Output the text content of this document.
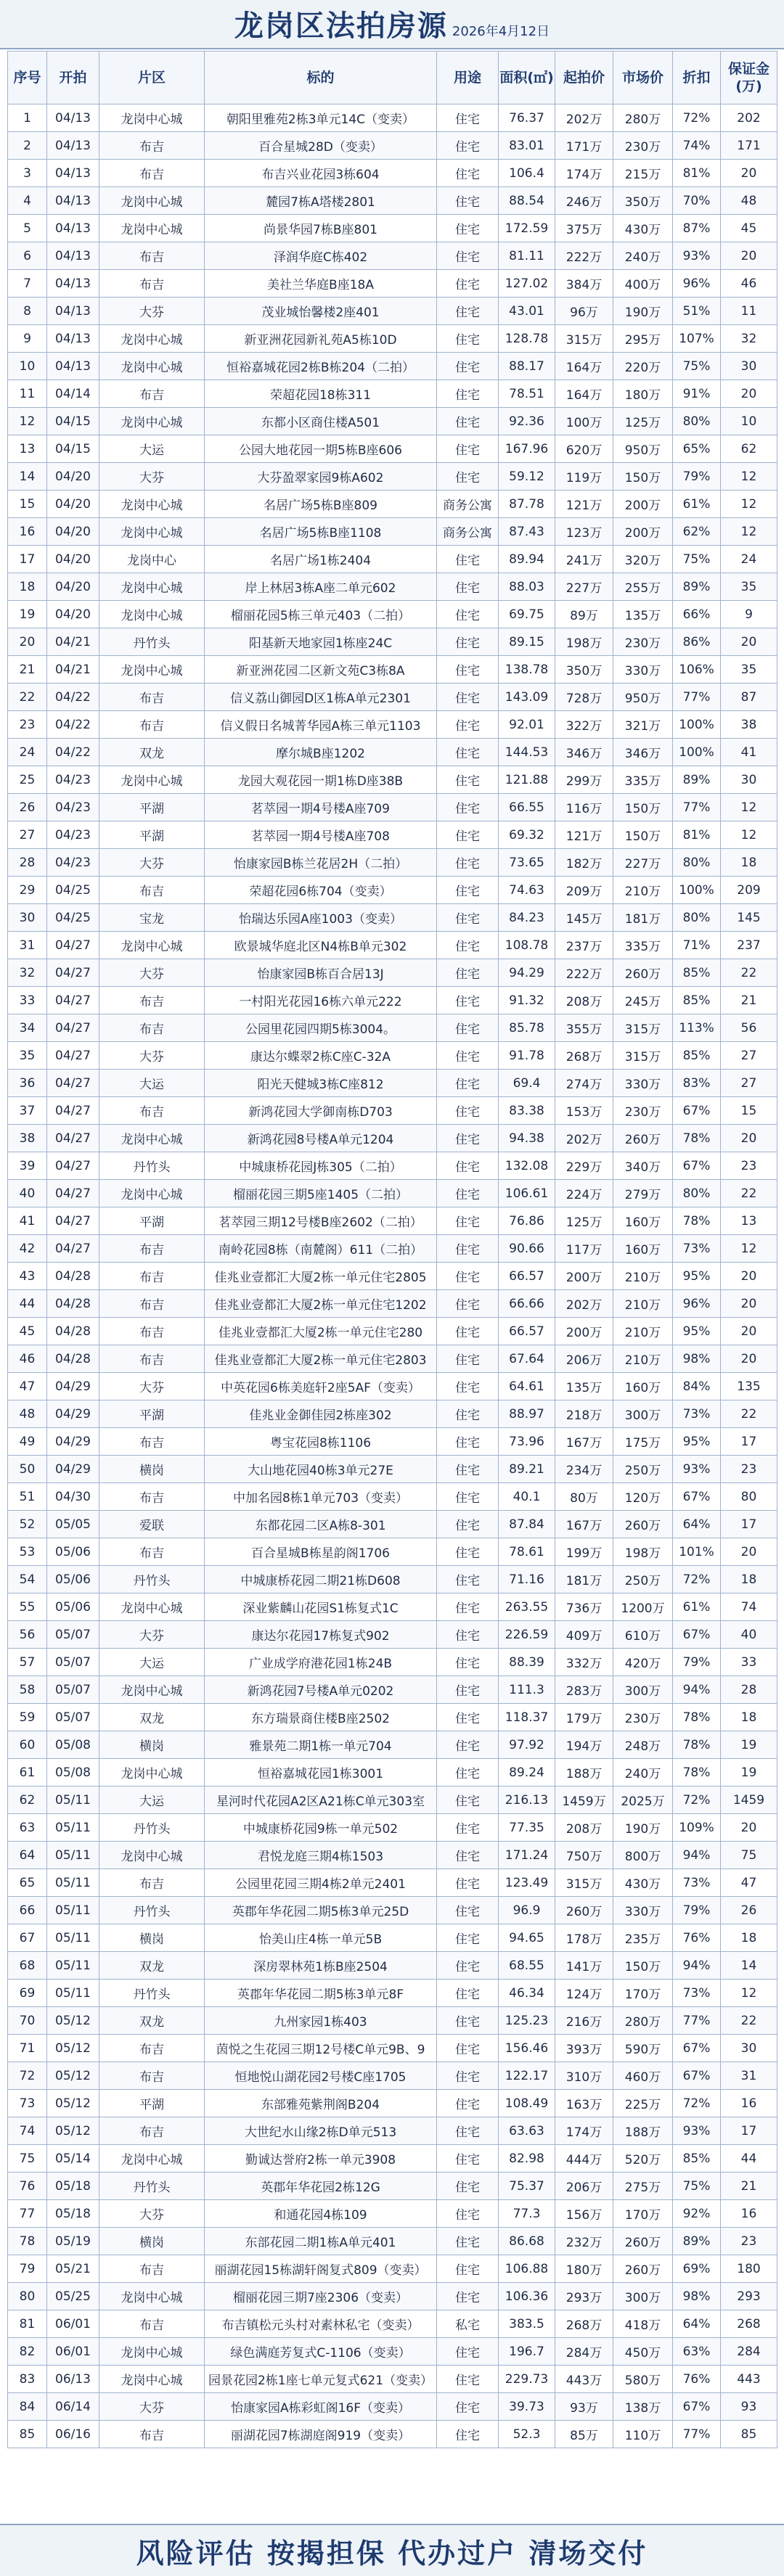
龙岗区法拍房源 2026年4月12日
序号	开拍	片区	标的	用途	面积(㎡)	起拍价	市场价	折扣	保证金(万)
1	04/13	龙岗中心城	朝阳里雅苑2栋3单元14C（变卖）	住宅	76.37	202万	280万	72%	202
2	04/13	布吉	百合星城28D（变卖）	住宅	83.01	171万	230万	74%	171
3	04/13	布吉	布吉兴业花园3栋604	住宅	106.4	174万	215万	81%	20
4	04/13	龙岗中心城	麓园7栋A塔楼2801	住宅	88.54	246万	350万	70%	48
5	04/13	龙岗中心城	尚景华园7栋B座801	住宅	172.59	375万	430万	87%	45
6	04/13	布吉	泽润华庭C栋402	住宅	81.11	222万	240万	93%	20
7	04/13	布吉	美社兰华庭B座18A	住宅	127.02	384万	400万	96%	46
8	04/13	大芬	茂业城怡馨楼2座401	住宅	43.01	96万	190万	51%	11
9	04/13	龙岗中心城	新亚洲花园新礼苑A5栋10D	住宅	128.78	315万	295万	107%	32
10	04/13	龙岗中心城	恒裕嘉城花园2栋B栋204（二拍）	住宅	88.17	164万	220万	75%	30
11	04/14	布吉	荣超花园18栋311	住宅	78.51	164万	180万	91%	20
12	04/15	龙岗中心城	东都小区商住楼A501	住宅	92.36	100万	125万	80%	10
13	04/15	大运	公园大地花园一期5栋B座606	住宅	167.96	620万	950万	65%	62
14	04/20	大芬	大芬盈翠家园9栋A602	住宅	59.12	119万	150万	79%	12
15	04/20	龙岗中心城	名居广场5栋B座809	商务公寓	87.78	121万	200万	61%	12
16	04/20	龙岗中心城	名居广场5栋B座1108	商务公寓	87.43	123万	200万	62%	12
17	04/20	龙岗中心	名居广场1栋2404	住宅	89.94	241万	320万	75%	24
18	04/20	龙岗中心城	岸上林居3栋A座二单元602	住宅	88.03	227万	255万	89%	35
19	04/20	龙岗中心城	榴丽花园5栋三单元403（二拍）	住宅	69.75	89万	135万	66%	9
20	04/21	丹竹头	阳基新天地家园1栋座24C	住宅	89.15	198万	230万	86%	20
21	04/21	龙岗中心城	新亚洲花园二区新文苑C3栋8A	住宅	138.78	350万	330万	106%	35
22	04/22	布吉	信义荔山御园D区1栋A单元2301	住宅	143.09	728万	950万	77%	87
23	04/22	布吉	信义假日名城菁华园A栋三单元1103	住宅	92.01	322万	321万	100%	38
24	04/22	双龙	摩尔城B座1202	住宅	144.53	346万	346万	100%	41
25	04/23	龙岗中心城	龙园大观花园一期1栋D座38B	住宅	121.88	299万	335万	89%	30
26	04/23	平湖	茗萃园一期4号楼A座709	住宅	66.55	116万	150万	77%	12
27	04/23	平湖	茗萃园一期4号楼A座708	住宅	69.32	121万	150万	81%	12
28	04/23	大芬	怡康家园B栋兰花居2H（二拍）	住宅	73.65	182万	227万	80%	18
29	04/25	布吉	荣超花园6栋704（变卖）	住宅	74.63	209万	210万	100%	209
30	04/25	宝龙	怡瑞达乐园A座1003（变卖）	住宅	84.23	145万	181万	80%	145
31	04/27	龙岗中心城	欧景城华庭北区N4栋B单元302	住宅	108.78	237万	335万	71%	237
32	04/27	大芬	怡康家园B栋百合居13J	住宅	94.29	222万	260万	85%	22
33	04/27	布吉	一村阳光花园16栋六单元222	住宅	91.32	208万	245万	85%	21
34	04/27	布吉	公园里花园四期5栋3004。	住宅	85.78	355万	315万	113%	56
35	04/27	大芬	康达尔蝶翠2栋C座C-32A	住宅	91.78	268万	315万	85%	27
36	04/27	大运	阳光天健城3栋C座812	住宅	69.4	274万	330万	83%	27
37	04/27	布吉	新鸿花园大学御南栋D703	住宅	83.38	153万	230万	67%	15
38	04/27	龙岗中心城	新鸿花园8号楼A单元1204	住宅	94.38	202万	260万	78%	20
39	04/27	丹竹头	中城康桥花园J栋305（二拍）	住宅	132.08	229万	340万	67%	23
40	04/27	龙岗中心城	榴丽花园三期5座1405（二拍）	住宅	106.61	224万	279万	80%	22
41	04/27	平湖	茗萃园三期12号楼B座2602（二拍）	住宅	76.86	125万	160万	78%	13
42	04/27	布吉	南岭花园8栋（南麓阁）611（二拍）	住宅	90.66	117万	160万	73%	12
43	04/28	布吉	佳兆业壹都汇大厦2栋一单元住宅2805	住宅	66.57	200万	210万	95%	20
44	04/28	布吉	佳兆业壹都汇大厦2栋一单元住宅1202	住宅	66.66	202万	210万	96%	20
45	04/28	布吉	佳兆业壹都汇大厦2栋一单元住宅280	住宅	66.57	200万	210万	95%	20
46	04/28	布吉	佳兆业壹都汇大厦2栋一单元住宅2803	住宅	67.64	206万	210万	98%	20
47	04/29	大芬	中英花园6栋美庭轩2座5AF（变卖）	住宅	64.61	135万	160万	84%	135
48	04/29	平湖	佳兆业金御佳园2栋座302	住宅	88.97	218万	300万	73%	22
49	04/29	布吉	粤宝花园8栋1106	住宅	73.96	167万	175万	95%	17
50	04/29	横岗	大山地花园40栋3单元27E	住宅	89.21	234万	250万	93%	23
51	04/30	布吉	中加名园8栋1单元703（变卖）	住宅	40.1	80万	120万	67%	80
52	05/05	爱联	东都花园二区A栋8-301	住宅	87.84	167万	260万	64%	17
53	05/06	布吉	百合星城B栋星韵阁1706	住宅	78.61	199万	198万	101%	20
54	05/06	丹竹头	中城康桥花园二期21栋D608	住宅	71.16	181万	250万	72%	18
55	05/06	龙岗中心城	深业紫麟山花园S1栋复式1C	住宅	263.55	736万	1200万	61%	74
56	05/07	大芬	康达尔花园17栋复式902	住宅	226.59	409万	610万	67%	40
57	05/07	大运	广业成学府港花园1栋24B	住宅	88.39	332万	420万	79%	33
58	05/07	龙岗中心城	新鸿花园7号楼A单元0202	住宅	111.3	283万	300万	94%	28
59	05/07	双龙	东方瑞景商住楼B座2502	住宅	118.37	179万	230万	78%	18
60	05/08	横岗	雅景苑二期1栋一单元704	住宅	97.92	194万	248万	78%	19
61	05/08	龙岗中心城	恒裕嘉城花园1栋3001	住宅	89.24	188万	240万	78%	19
62	05/11	大运	星河时代花园A2区A21栋C单元303室	住宅	216.13	1459万	2025万	72%	1459
63	05/11	丹竹头	中城康桥花园9栋一单元502	住宅	77.35	208万	190万	109%	20
64	05/11	龙岗中心城	君悦龙庭三期4栋1503	住宅	171.24	750万	800万	94%	75
65	05/11	布吉	公园里花园三期4栋2单元2401	住宅	123.49	315万	430万	73%	47
66	05/11	丹竹头	英郡年华花园二期5栋3单元25D	住宅	96.9	260万	330万	79%	26
67	05/11	横岗	怡美山庄4栋一单元5B	住宅	94.65	178万	235万	76%	18
68	05/11	双龙	深房翠林苑1栋B座2504	住宅	68.55	141万	150万	94%	14
69	05/11	丹竹头	英郡年华花园二期5栋3单元8F	住宅	46.34	124万	170万	73%	12
70	05/12	双龙	九州家园1栋403	住宅	125.23	216万	280万	77%	22
71	05/12	布吉	茵悦之生花园三期12号楼C单元9B、9	住宅	156.46	393万	590万	67%	30
72	05/12	布吉	恒地悦山湖花园2号楼C座1705	住宅	122.17	310万	460万	67%	31
73	05/12	平湖	东部雅苑紫荆阁B204	住宅	108.49	163万	225万	72%	16
74	05/12	布吉	大世纪水山缘2栋D单元513	住宅	63.63	174万	188万	93%	17
75	05/14	龙岗中心城	勤诚达誉府2栋一单元3908	住宅	82.98	444万	520万	85%	44
76	05/18	丹竹头	英郡年华花园2栋12G	住宅	75.37	206万	275万	75%	21
77	05/18	大芬	和通花园4栋109	住宅	77.3	156万	170万	92%	16
78	05/19	横岗	东部花园二期1栋A单元401	住宅	86.68	232万	260万	89%	23
79	05/21	布吉	丽湖花园15栋湖轩阁复式809（变卖）	住宅	106.88	180万	260万	69%	180
80	05/25	龙岗中心城	榴丽花园三期7座2306（变卖）	住宅	106.36	293万	300万	98%	293
81	06/01	布吉	布吉镇松元头村对素林私宅（变卖）	私宅	383.5	268万	418万	64%	268
82	06/01	龙岗中心城	绿色满庭芳复式C-1106（变卖）	住宅	196.7	284万	450万	63%	284
83	06/13	龙岗中心城	园景花园2栋1座七单元复式621（变卖）	住宅	229.73	443万	580万	76%	443
84	06/14	大芬	怡康家园A栋彩虹阁16F（变卖）	住宅	39.73	93万	138万	67%	93
85	06/16	布吉	丽湖花园7栋湖庭阁919（变卖）	住宅	52.3	85万	110万	77%	85
风险评估 按揭担保 代办过户 清场交付
